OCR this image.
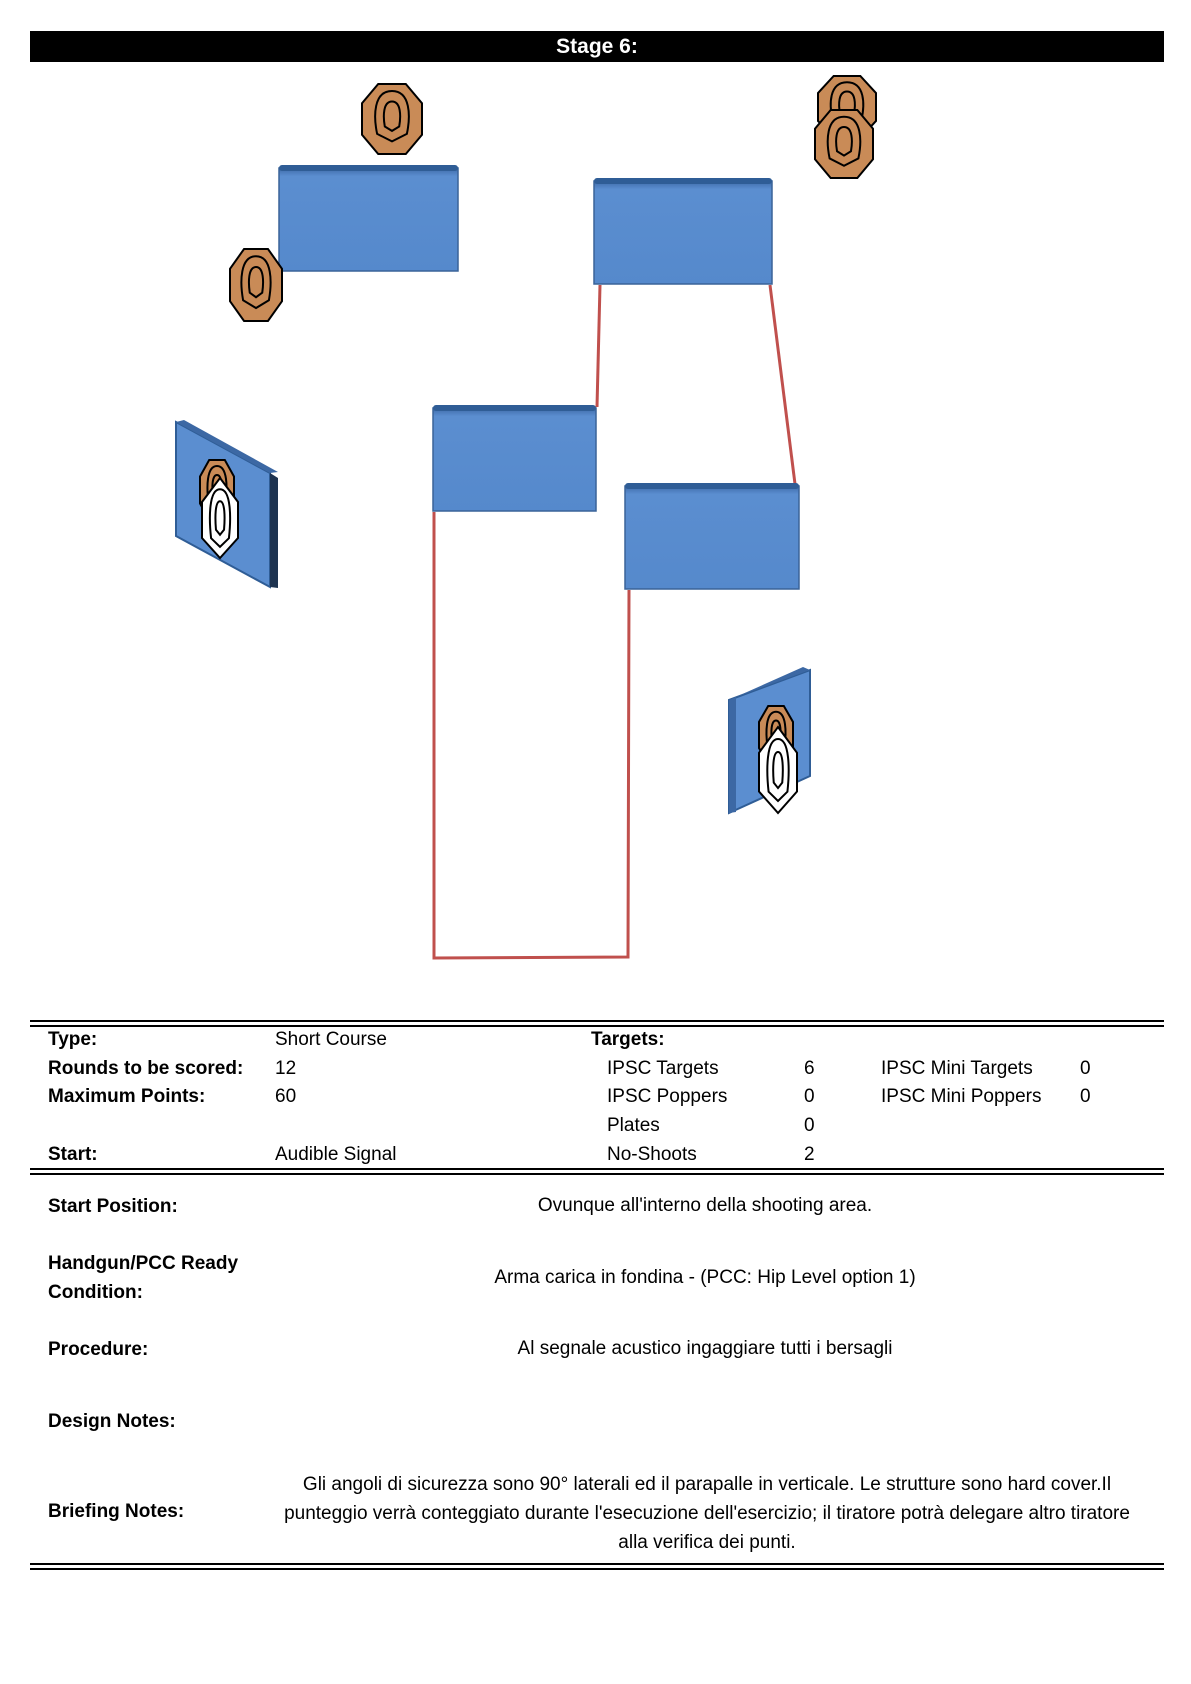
Stage 6:
Type:	Short Course	Targets:
Rounds to be scored: 12	IPSC Targets	6	IPSC Mini Targets 0
Maximum Points:	60	IPSC Poppers	0	IPSC Mini Poppers 0
Plates	0
Start:	Audible Signal	No-Shoots	2
Start Position:	Ovunque all'interno della shooting area.
Handgun/PCC Ready
Condition:
Arma carica in fondina - (PCC: Hip Level option 1)
Procedure:	Al segnale acustico ingaggiare tutti i bersagli
Design Notes:
Briefing Notes:
Gli angoli di sicurezza sono 90° laterali ed il parapalle in verticale. Le strutture sono hard cover.Il punteggio verrà conteggiato durante l'esecuzione dell'esercizio; il tiratore potrà delegare altro tiratore alla verifica dei punti.
